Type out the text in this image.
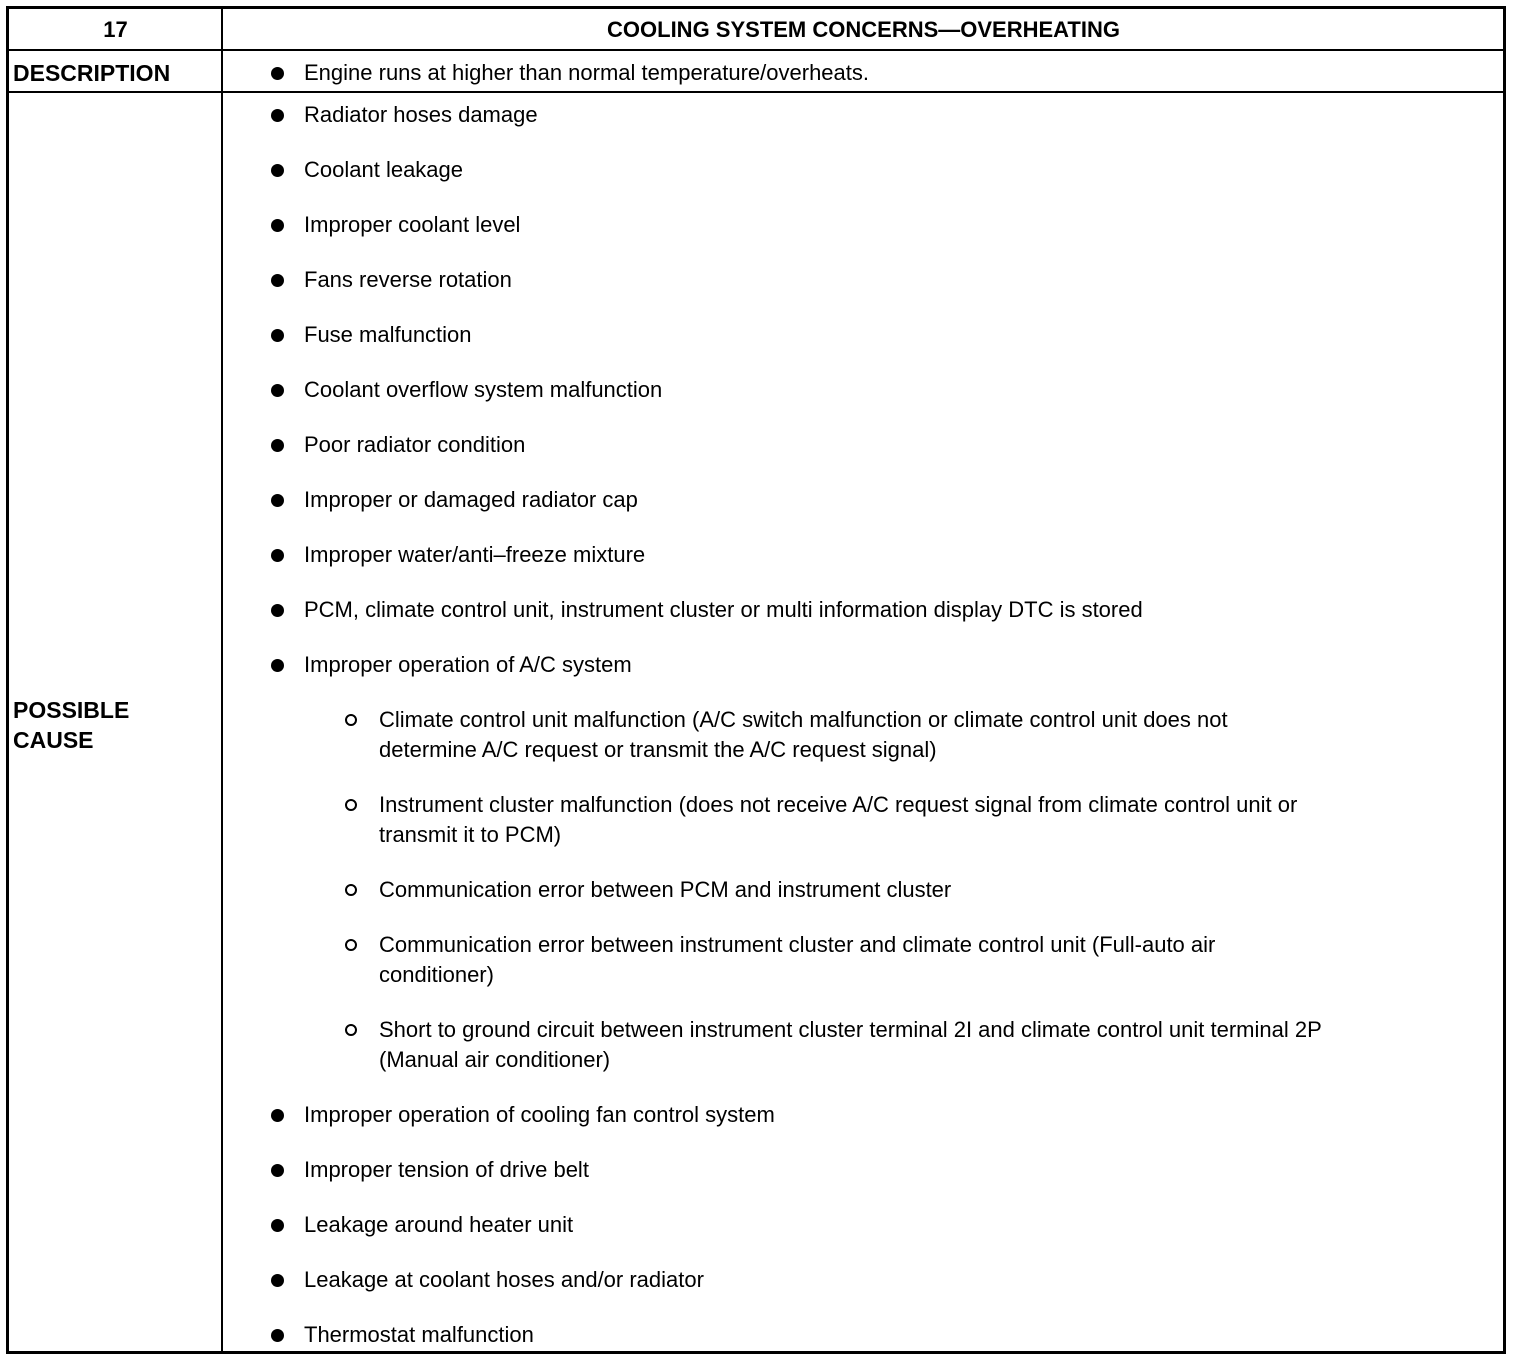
17	COOLING SYSTEM CONCERNS—OVERHEATING
DESCRIPTION	Engine runs at higher than normal temperature/overheats.
POSSIBLE
CAUSE
Radiator hoses damage
Coolant leakage
Improper coolant level
Fans reverse rotation
Fuse malfunction
Coolant overflow system malfunction
Poor radiator condition
Improper or damaged radiator cap
Improper water/anti–freeze mixture
PCM, climate control unit, instrument cluster or multi information display DTC is stored
Improper operation of A/C system
Climate control unit malfunction (A/C switch malfunction or climate control unit does not
determine A/C request or transmit the A/C request signal)
Instrument cluster malfunction (does not receive A/C request signal from climate control unit or
transmit it to PCM)
Communication error between PCM and instrument cluster
Communication error between instrument cluster and climate control unit (Full-auto air
conditioner)
Short to ground circuit between instrument cluster terminal 2I and climate control unit terminal 2P
(Manual air conditioner)
Improper operation of cooling fan control system
Improper tension of drive belt
Leakage around heater unit
Leakage at coolant hoses and/or radiator
Thermostat malfunction
